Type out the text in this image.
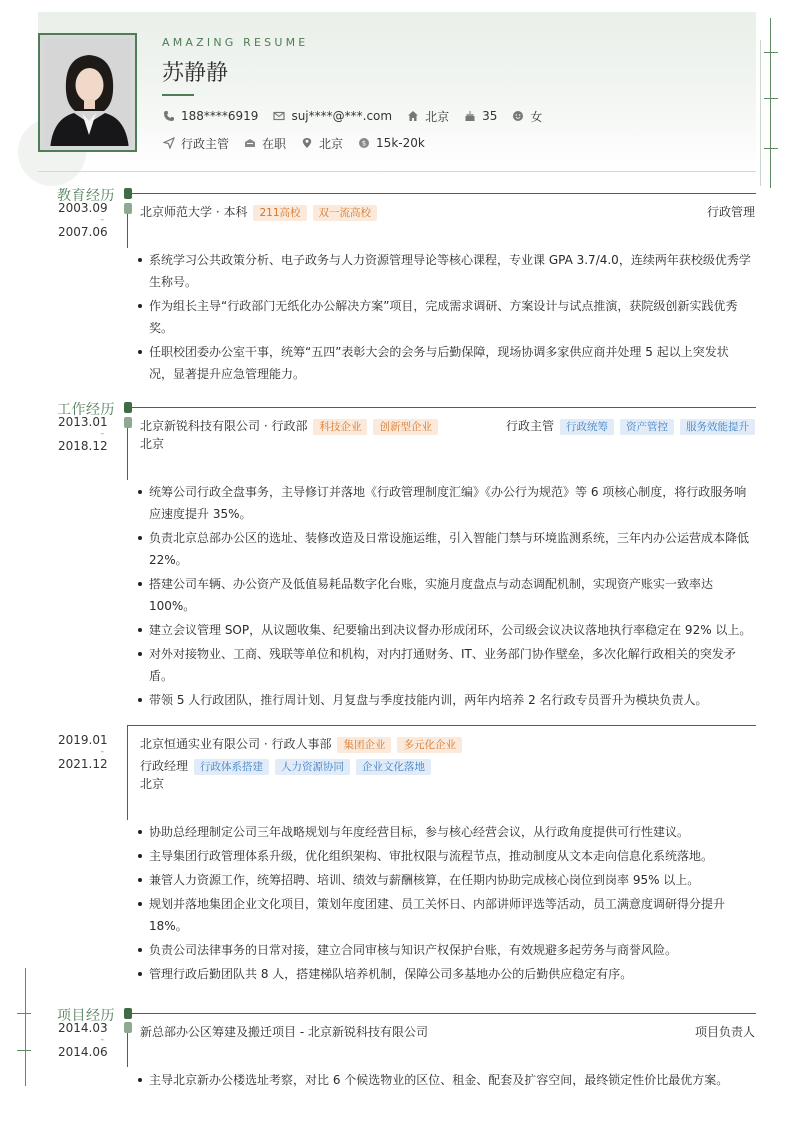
AMAZING RESUME
苏静静
188****6919	suj****@***.com	北京	35	女
行政主管	在职	北京	$ 15k-20k
教育经历
2003.09
-
2007.06
北京师范大学 · 本科 211高校 双一流高校	行政管理
系统学习公共政策分析、电子政务与人力资源管理导论等核心课程，专业课 GPA 3.7/4.0，连续两年获校级优秀学生称号。
作为组长主导“行政部门无纸化办公解决方案”项目，完成需求调研、方案设计与试点推演，获院级创新实践优秀奖。
任职校团委办公室干事，统筹“五四”表彰大会的会务与后勤保障，现场协调多家供应商并处理 5 起以上突发状况，显著提升应急管理能力。
工作经历
2013.01
-
2018.12
北京新锐科技有限公司 · 行政部 科技企业 创新型企业	行政主管 行政统筹 资产管控 服务效能提升
北京
统筹公司行政全盘事务，主导修订并落地《行政管理制度汇编》《办公行为规范》等 6 项核心制度，将行政服务响应速度提升 35%。
负责北京总部办公区的选址、装修改造及日常设施运维，引入智能门禁与环境监测系统，三年内办公运营成本降低 22%。
搭建公司车辆、办公资产及低值易耗品数字化台账，实施月度盘点与动态调配机制，实现资产账实一致率达 100%。
建立会议管理 SOP，从议题收集、纪要输出到决议督办形成闭环，公司级会议决议落地执行率稳定在 92% 以上。
对外对接物业、工商、残联等单位和机构，对内打通财务、IT、业务部门协作壁垒，多次化解行政相关的突发矛盾。
带领 5 人行政团队，推行周计划、月复盘与季度技能内训，两年内培养 2 名行政专员晋升为模块负责人。
2019.01
-
2021.12
北京恒通实业有限公司 · 行政人事部 集团企业 多元化企业
行政经理 行政体系搭建 人力资源协同 企业文化落地
北京
协助总经理制定公司三年战略规划与年度经营目标，参与核心经营会议，从行政角度提供可行性建议。
主导集团行政管理体系升级，优化组织架构、审批权限与流程节点，推动制度从文本走向信息化系统落地。
兼管人力资源工作，统筹招聘、培训、绩效与薪酬核算，在任期内协助完成核心岗位到岗率 95% 以上。
规划并落地集团企业文化项目，策划年度团建、员工关怀日、内部讲师评选等活动，员工满意度调研得分提升 18%。
负责公司法律事务的日常对接，建立合同审核与知识产权保护台账，有效规避多起劳务与商誉风险。
管理行政后勤团队共 8 人，搭建梯队培养机制，保障公司多基地办公的后勤供应稳定有序。
项目经历
2014.03
-
2014.06
新总部办公区筹建及搬迁项目 - 北京新锐科技有限公司	项目负责人
主导北京新办公楼选址考察，对比 6 个候选物业的区位、租金、配套及扩容空间，最终锁定性价比最优方案。
